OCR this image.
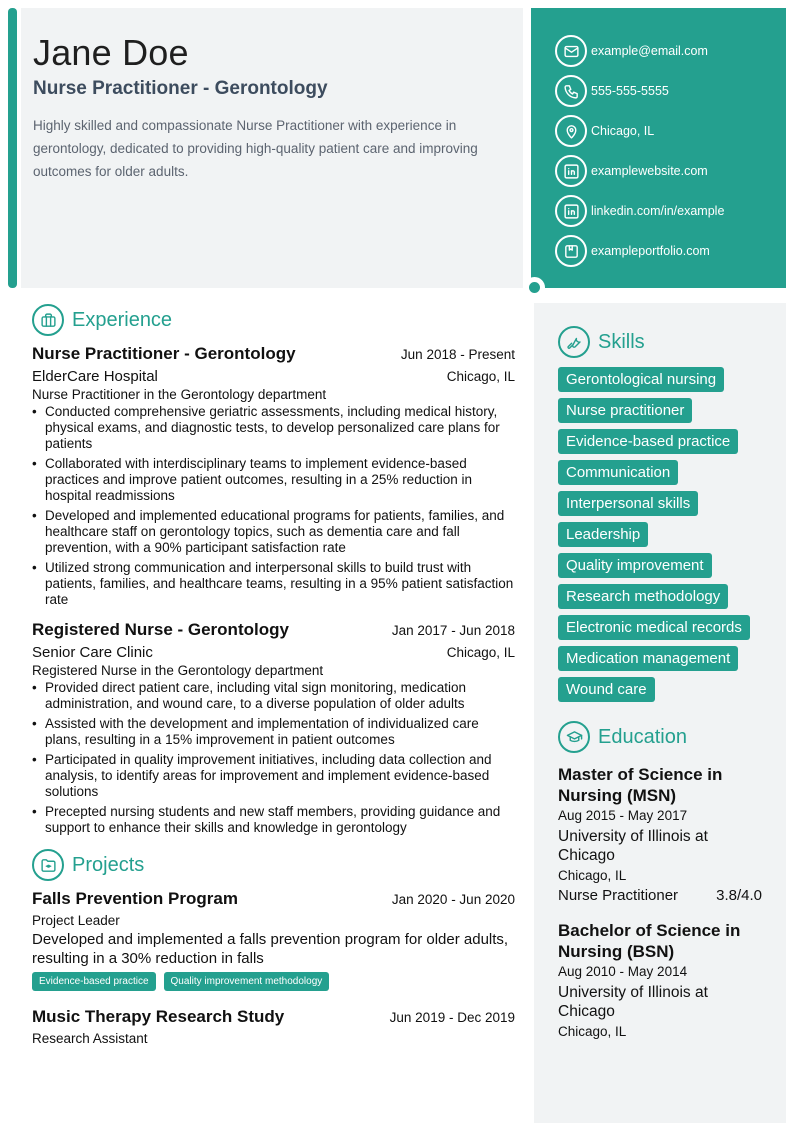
Jane Doe
Nurse Practitioner - Gerontology

Highly skilled and compassionate Nurse Practitioner with experience in gerontology, dedicated to providing high-quality patient care and improving outcomes for older adults.

example@email.com
555-555-5555
Chicago, IL
examplewebsite.com
linkedin.com/in/example
exampleportfolio.com
Experience
Nurse Practitioner - Gerontology	Jun 2018 - Present
ElderCare Hospital	Chicago, IL
Nurse Practitioner in the Gerontology department
• Conducted comprehensive geriatric assessments, including medical history, physical exams, and diagnostic tests, to develop personalized care plans for patients
• Collaborated with interdisciplinary teams to implement evidence-based practices and improve patient outcomes, resulting in a 25% reduction in hospital readmissions
• Developed and implemented educational programs for patients, families, and healthcare staff on gerontology topics, such as dementia care and fall prevention, with a 90% participant satisfaction rate
• Utilized strong communication and interpersonal skills to build trust with patients, families, and healthcare teams, resulting in a 95% patient satisfaction rate
Registered Nurse - Gerontology	Jan 2017 - Jun 2018
Senior Care Clinic	Chicago, IL
Registered Nurse in the Gerontology department
• Provided direct patient care, including vital sign monitoring, medication administration, and wound care, to a diverse population of older adults
• Assisted with the development and implementation of individualized care plans, resulting in a 15% improvement in patient outcomes
• Participated in quality improvement initiatives, including data collection and analysis, to identify areas for improvement and implement evidence-based solutions
• Precepted nursing students and new staff members, providing guidance and support to enhance their skills and knowledge in gerontology
Projects
Falls Prevention Program	Jan 2020 - Jun 2020
Project Leader
Developed and implemented a falls prevention program for older adults, resulting in a 30% reduction in falls
Evidence-based practice	Quality improvement methodology
Music Therapy Research Study	Jun 2019 - Dec 2019
Research Assistant
Skills
Gerontological nursing
Nurse practitioner
Evidence-based practice
Communication
Interpersonal skills
Leadership
Quality improvement
Research methodology
Electronic medical records
Medication management
Wound care
Education
Master of Science in Nursing (MSN)
Aug 2015 - May 2017
University of Illinois at Chicago
Chicago, IL
Nurse Practitioner	3.8/4.0
Bachelor of Science in Nursing (BSN)
Aug 2010 - May 2014
University of Illinois at Chicago
Chicago, IL
